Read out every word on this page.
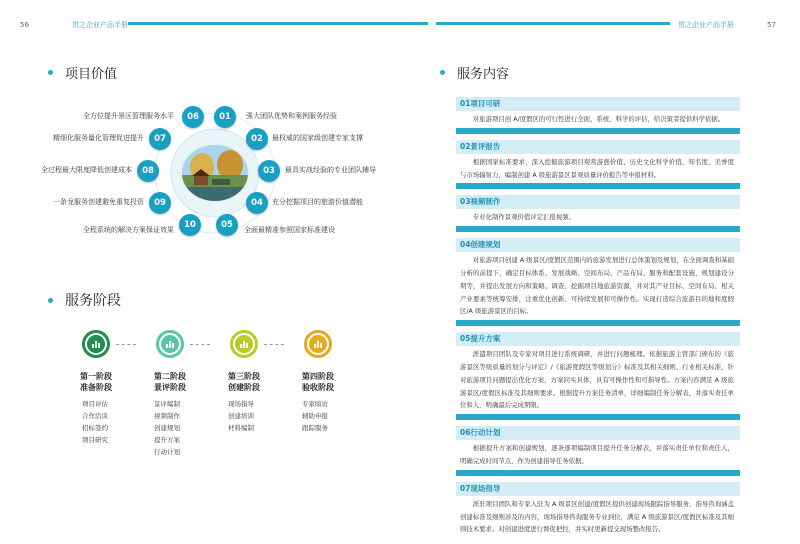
56	贯之企业产品手册	贯之企业产品手册	57
项目价值
06 01
02
03
04
05
10
09
08
07
强大团队优势和案例服务经验
最权威的国家级创建专家支撑
最具实战经验的专业团队辅导
充分挖掘项目的旅游价值潜能
全面最精准参照国家标准建设
全方位提升景区管理服务水平
精细化服务量化管理促进提升
全过程最大限度降低创建成本
一条龙服务创建避免重复投资
全程系统的解决方案保证效果
服务阶段
第一阶段
准备阶段
项目评估
合作洽谈
招标签约
项目研究
第二阶段
景评阶段
景评编制
视频制作
创建规划
提升方案
行动计划
第三阶段
创建阶段
现场指导
创建培训
材料编制
第四阶段
验收阶段
专家暗访
辅助申报
跟踪服务
服务内容
01项目可研
对旅游项目创 A/度假区的可行性进行全面、系统、科学的评估，给决策者提供科学依据。
02景评报告
根据国家标准要求，深入挖掘旅游项目观赏游憩价值、历史文化科学价值、知名度、美誉度与市场辐射力，编制创建 A 级旅游景区景观质量评价报告等申报材料。
03视频制作
专业化制作景观价值评定汇报视频。
04创建规划
对旅游项目创建 A 级景区/度假区范围内的旅游发展进行总体策划及规划，在全面调查和基础分析的前提下，确定目标体系、发展战略、空间布局、产品布局、服务和配套设施、规划建设分期等，并提出发展方向和策略。调查、挖掘项目地旅游资源，并对其产业目标、空间布局、相关产业要素等统筹安排，注重优化创新、可持续发展和可操作性。实现打造综合旅游目的地和度假区/A 级旅游景区的目标。
05提升方案
派遣项目团队及专家对项目进行系统调研，并进行问题梳理。依据旅游主管部门颁布的《旅游景区等级质量的划分与评定》/《旅游度假区等级划分》标准及其相关细则、行业相关标准，针对旅游项目问题提出优化方案，方案同实具体，具有可操作性和可指导性。方案内容满足 A 级旅游景区/度假区标准及其细则要求。根据提升方案任务清单，详细编制任务分解表，并落实责任单位和人，明确最后完成期限。
06行动计划
根据提升方案和创建规划，逐条逐项编制项目提升任务分解表，并落实责任单位和责任人，明确完成时间节点，作为创建指导任务依据。
07现场指导
派驻项目团队和专家入驻为 A 级景区创建/度假区提供创建现场跟踪指导服务，指导咨询涵盖创建标准及细则涉及的内容，现场指导咨询服务专业到位，满足 A 级旅游景区/度假区标准及其细则技术要求。对创建进度进行督促把控，并实时更新提交现场整改报告。
